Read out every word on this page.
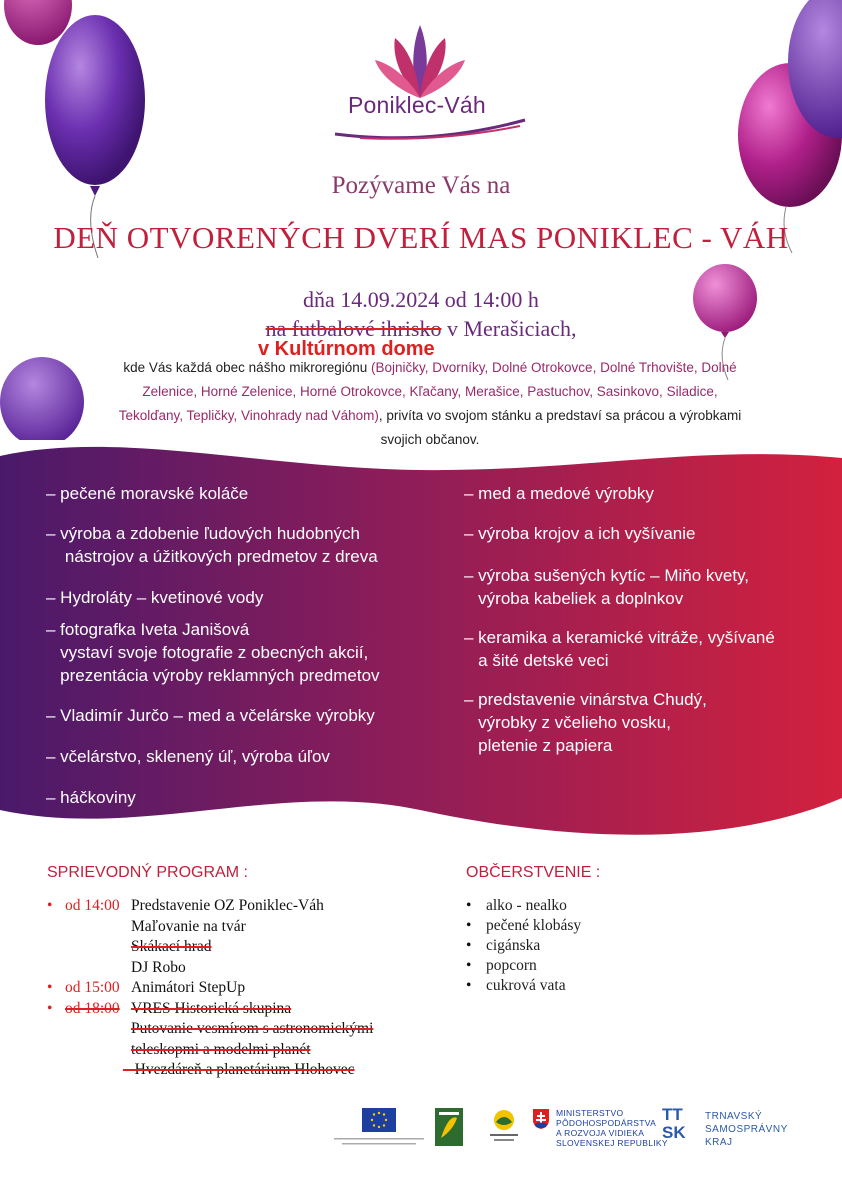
Poniklec-Váh
Pozývame Vás na
DEŇ OTVORENÝCH DVERÍ MAS PONIKLEC - VÁH
dňa 14.09.2024 od 14:00 h
na futbalové ihrisko v Merašiciach,
v Kultúrnom dome
kde Vás každá obec nášho mikroregiónu (Bojničky, Dvorníky, Dolné Otrokovce, Dolné Trhovište, Dolné Zelenice, Horné Zelenice, Horné Otrokovce, Kľačany, Merašice, Pastuchov, Sasinkovo, Siladice, Tekolďany, Tepličky, Vinohrady nad Váhom), privíta vo svojom stánku a predstaví sa prácou a výrobkami svojich občanov.
– pečené moravské koláče
– výroba a zdobenie ľudových hudobných
nástrojov a úžitkových predmetov z dreva
– Hydroláty – kvetinové vody
– fotografka Iveta Janišová
vystaví svoje fotografie z obecných akcií,
prezentácia výroby reklamných predmetov
– Vladimír Jurčo – med a včelárske výrobky
– včelárstvo, sklenený úľ, výroba úľov
– háčkoviny
– med a medové výrobky
– výroba krojov a ich vyšívanie
– výroba sušených kytíc – Miňo kvety,
výroba kabeliek a doplnkov
– keramika a keramické vitráže, vyšívané
a šité detské veci
– predstavenie vinárstva Chudý,
výrobky z včelieho vosku,
pletenie z papiera
SPRIEVODNÝ PROGRAM :
• od 14:00 Predstavenie OZ Poniklec-Váh
Maľovanie na tvár
Skákací hrad
DJ Robo
• od 15:00 Animátori StepUp
• od 18:00 VRES Historická skupina
Putovanie vesmírom s astronomickými
teleskopmi a modelmi planét
– Hvezdáreň a planetárium Hlohovec
OBČERSTVENIE :
• alko - nealko
• pečené klobásy
• cigánska
• popcorn
• cukrová vata
MINISTERSTVO
PÔDOHOSPODÁRSTVA
A ROZVOJA VIDIEKA
SLOVENSKEJ REPUBLIKY
TT
SK
TRNAVSKÝ
SAMOSPRÁVNY
KRAJ
